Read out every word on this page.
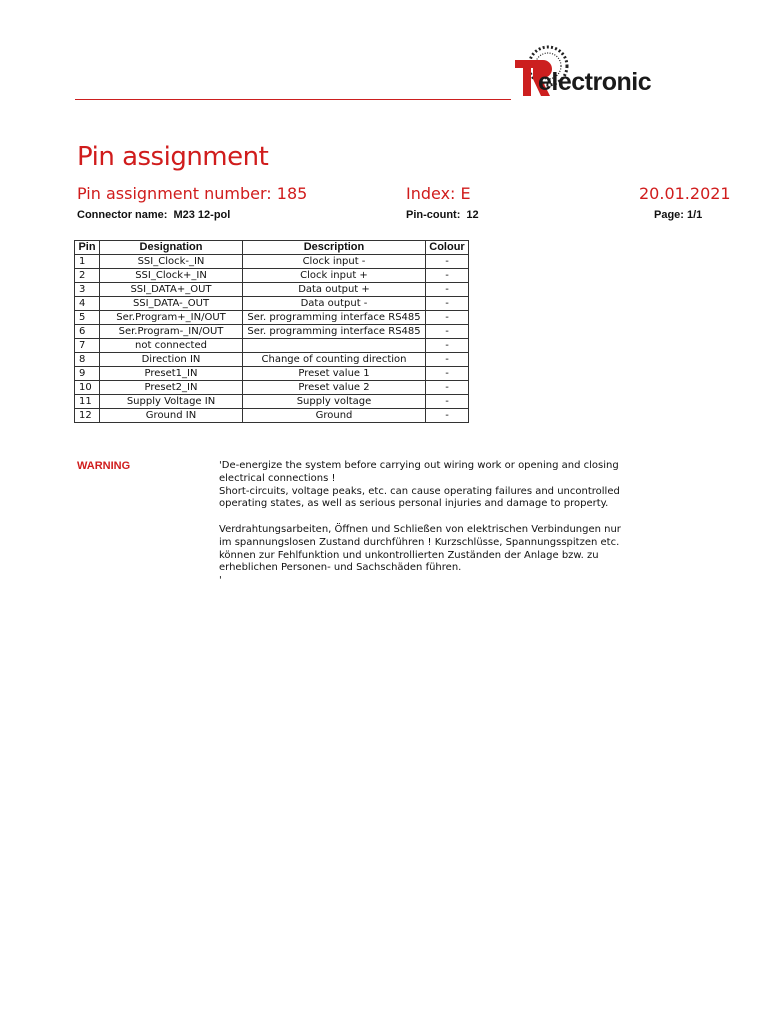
electronic
Pin assignment
Pin assignment number: 185	Index: E	20.01.2021
Connector name: M23 12-pol	Pin-count: 12	Page: 1/1
Pin	Designation	Description	Colour
1	SSI_Clock-_IN	Clock input -	-
2	SSI_Clock+_IN	Clock input +	-
3	SSI_DATA+_OUT	Data output +	-
4	SSI_DATA-_OUT	Data output -	-
5	Ser.Program+_IN/OUT	Ser. programming interface RS485	-
6	Ser.Program-_IN/OUT	Ser. programming interface RS485	-
7	not connected		-
8	Direction IN	Change of counting direction	-
9	Preset1_IN	Preset value 1	-
10	Preset2_IN	Preset value 2	-
11	Supply Voltage IN	Supply voltage	-
12	Ground IN	Ground	-
WARNING	'De-energize the system before carrying out wiring work or opening and closing electrical connections !

Short-circuits, voltage peaks, etc. can cause operating failures and uncontrolled operating states, as well as serious personal injuries and damage to property.

Verdrahtungsarbeiten, Öffnen und Schließen von elektrischen Verbindungen nur im spannungslosen Zustand durchführen ! Kurzschlüsse, Spannungsspitzen etc. können zur Fehlfunktion und unkontrollierten Zuständen der Anlage bzw. zu erheblichen Personen- und Sachschäden führen.

'
